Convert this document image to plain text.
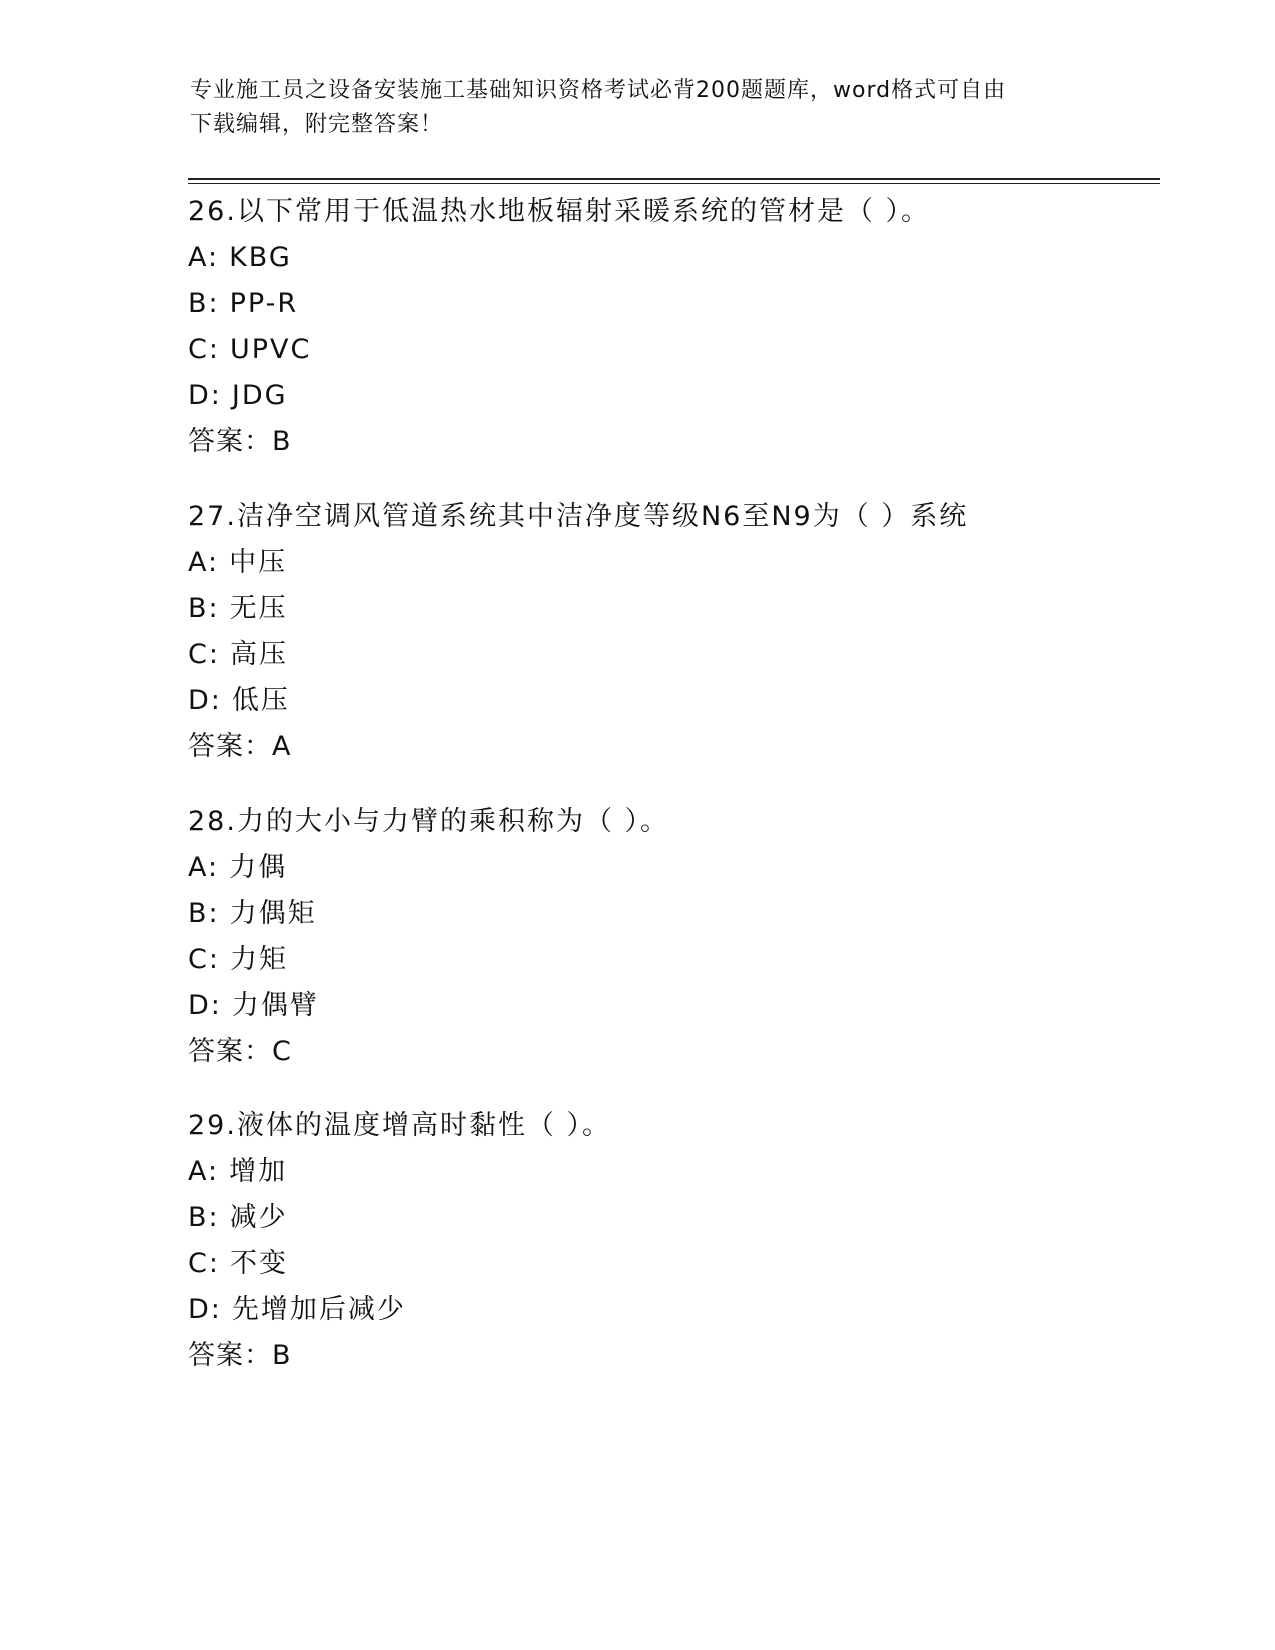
专业施工员之设备安装施工基础知识资格考试必背200题题库，word格式可自由
下载编辑，附完整答案！
26.以下常用于低温热水地板辐射采暖系统的管材是（ ）。
A: KBG
B: PP-R
C: UPVC
D: JDG
答案：B
27.洁净空调风管道系统其中洁净度等级N6至N9为（ ）系统
A: 中压
B: 无压
C: 高压
D: 低压
答案：A
28.力的大小与力臂的乘积称为（ ）。
A: 力偶
B: 力偶矩
C: 力矩
D: 力偶臂
答案：C
29.液体的温度增高时黏性（ ）。
A: 增加
B: 减少
C: 不变
D: 先增加后减少
答案：B
